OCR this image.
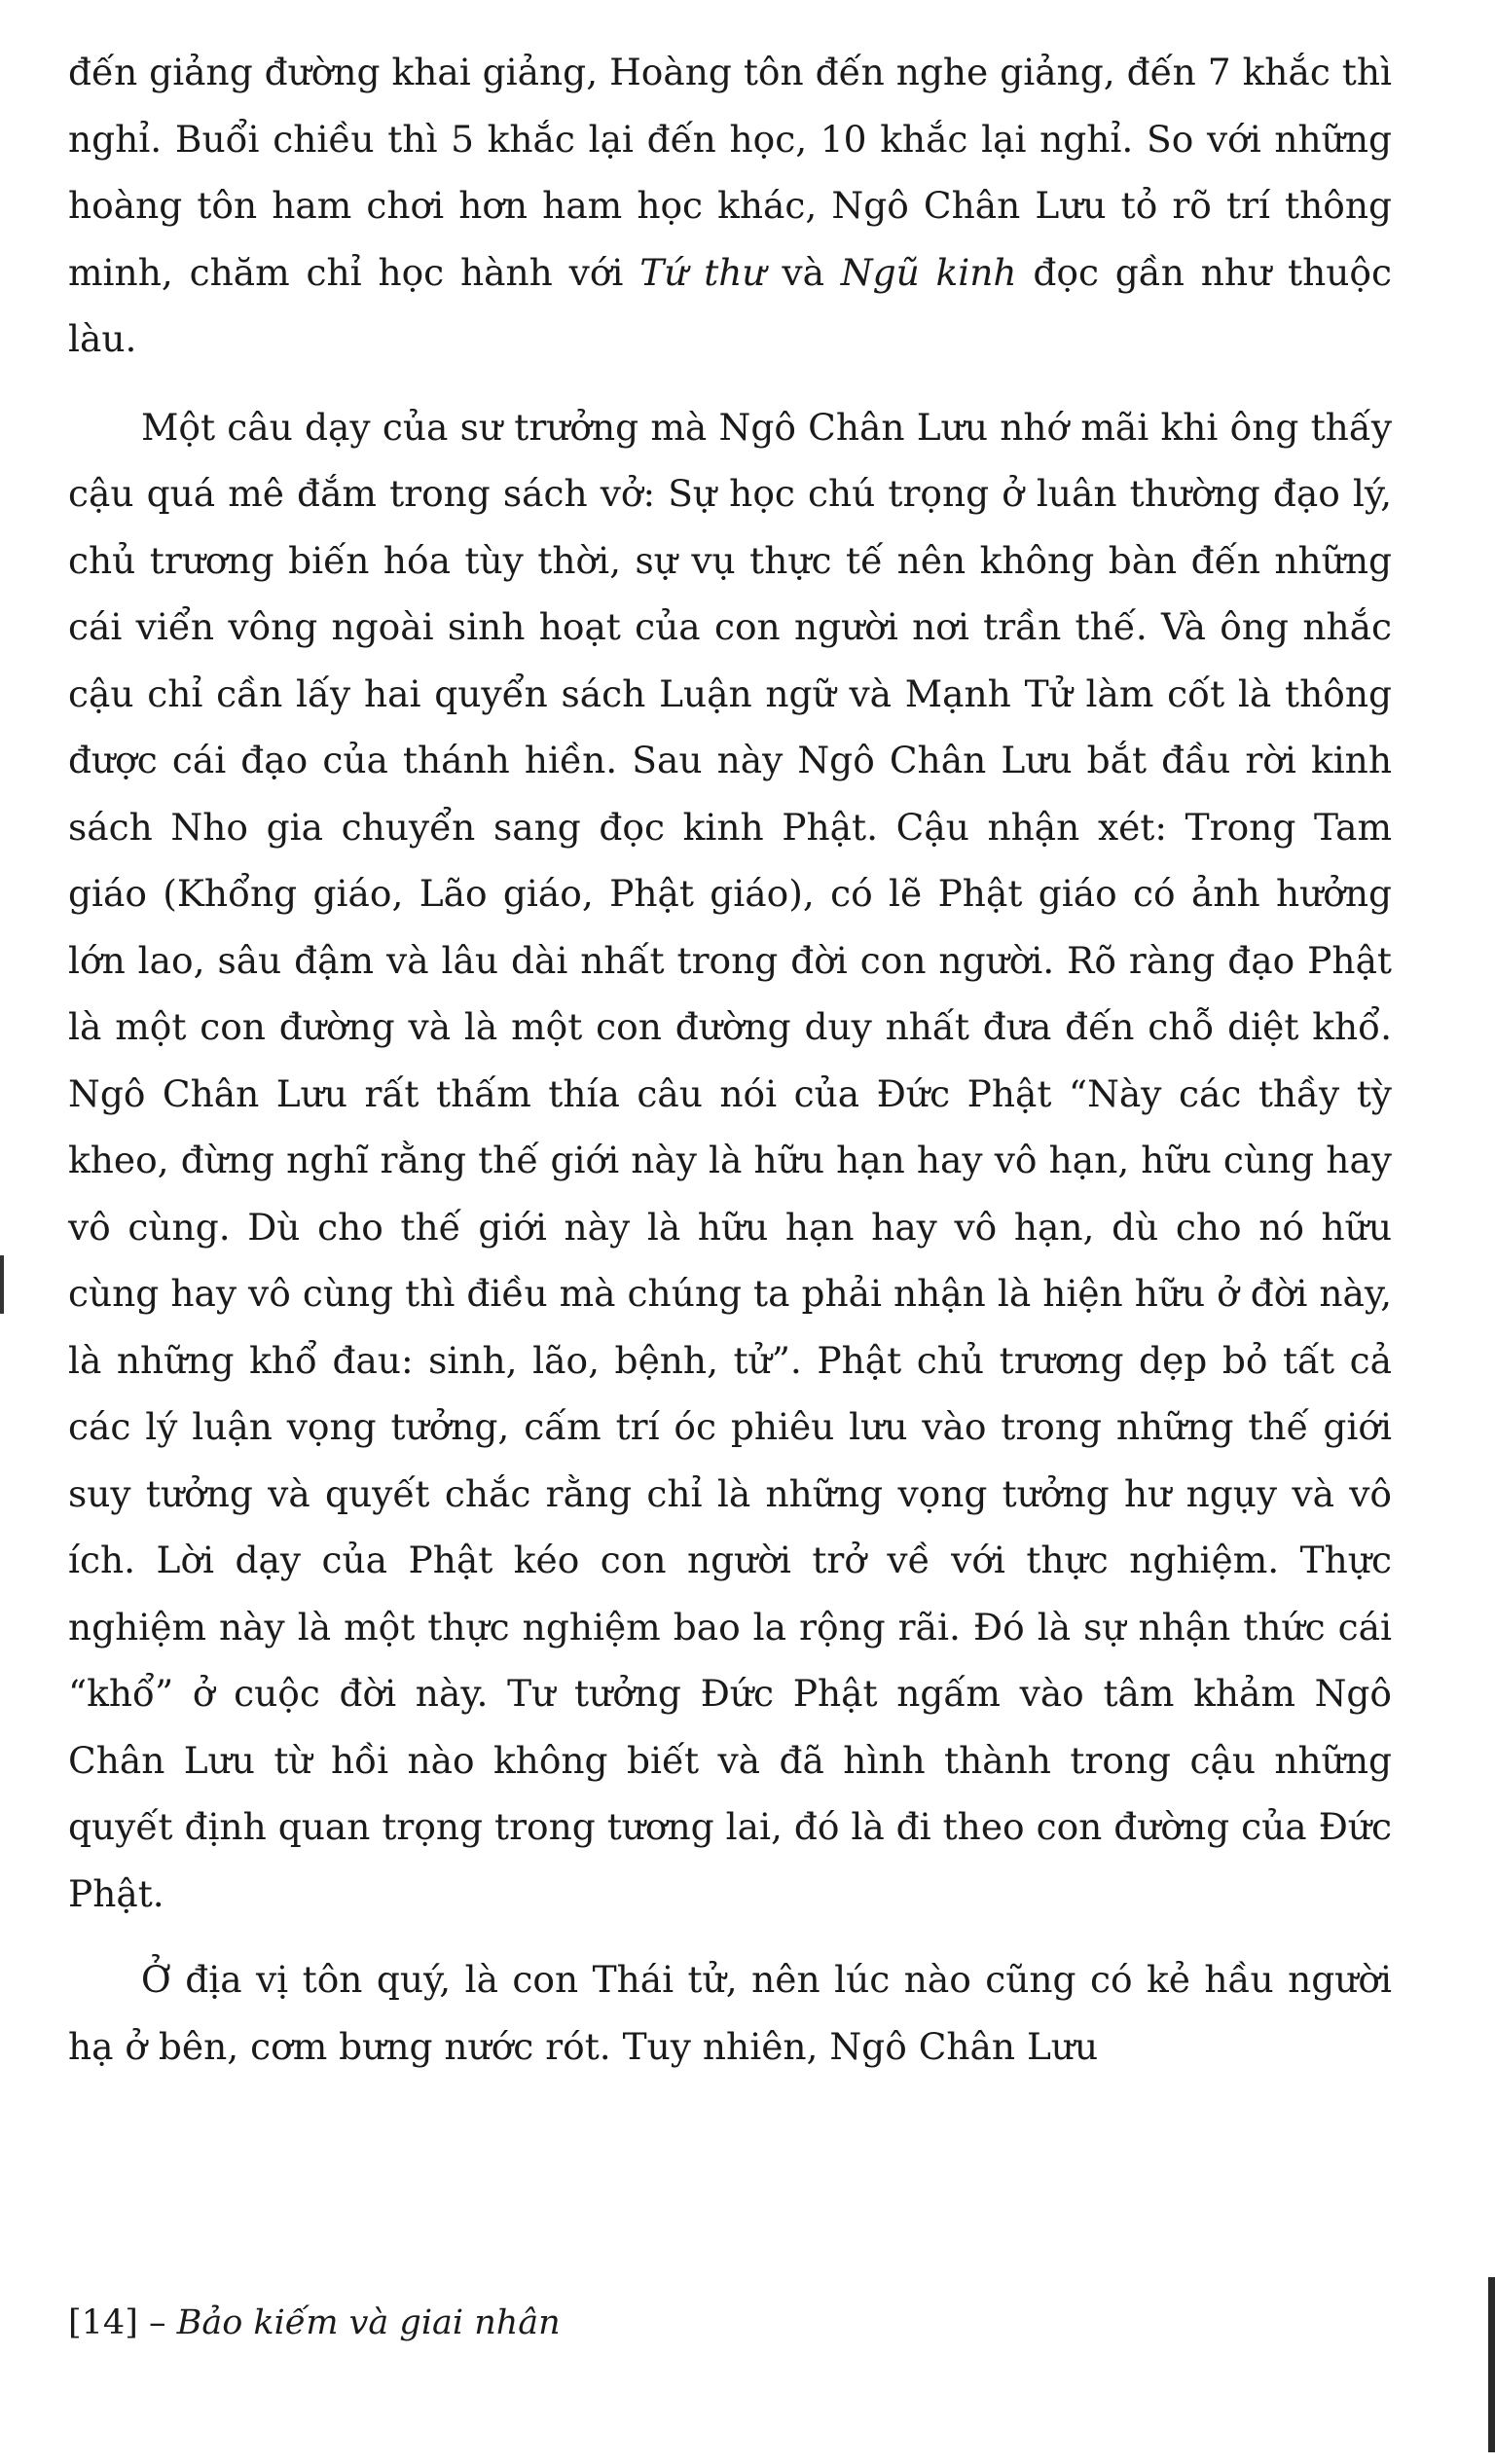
đến giảng đường khai giảng, Hoàng tôn đến nghe giảng, đến 7 khắc thì nghỉ. Buổi chiều thì 5 khắc lại đến học, 10 khắc lại nghỉ. So với những hoàng tôn ham chơi hơn ham học khác, Ngô Chân Lưu tỏ rõ trí thông minh, chăm chỉ học hành với Tứ thư và Ngũ kinh đọc gần như thuộc làu.

Một câu dạy của sư trưởng mà Ngô Chân Lưu nhớ mãi khi ông thấy cậu quá mê đắm trong sách vở: Sự học chú trọng ở luân thường đạo lý, chủ trương biến hóa tùy thời, sự vụ thực tế nên không bàn đến những cái viển vông ngoài sinh hoạt của con người nơi trần thế. Và ông nhắc cậu chỉ cần lấy hai quyển sách Luận ngữ và Mạnh Tử làm cốt là thông được cái đạo của thánh hiền. Sau này Ngô Chân Lưu bắt đầu rời kinh sách Nho gia chuyển sang đọc kinh Phật. Cậu nhận xét: Trong Tam giáo (Khổng giáo, Lão giáo, Phật giáo), có lẽ Phật giáo có ảnh hưởng lớn lao, sâu đậm và lâu dài nhất trong đời con người. Rõ ràng đạo Phật là một con đường và là một con đường duy nhất đưa đến chỗ diệt khổ. Ngô Chân Lưu rất thấm thía câu nói của Đức Phật “Này các thầy tỳ kheo, đừng nghĩ rằng thế giới này là hữu hạn hay vô hạn, hữu cùng hay vô cùng. Dù cho thế giới này là hữu hạn hay vô hạn, dù cho nó hữu cùng hay vô cùng thì điều mà chúng ta phải nhận là hiện hữu ở đời này, là những khổ đau: sinh, lão, bệnh, tử”. Phật chủ trương dẹp bỏ tất cả các lý luận vọng tưởng, cấm trí óc phiêu lưu vào trong những thế giới suy tưởng và quyết chắc rằng chỉ là những vọng tưởng hư ngụy và vô ích. Lời dạy của Phật kéo con người trở về với thực nghiệm. Thực nghiệm này là một thực nghiệm bao la rộng rãi. Đó là sự nhận thức cái “khổ” ở cuộc đời này. Tư tưởng Đức Phật ngấm vào tâm khảm Ngô Chân Lưu từ hồi nào không biết và đã hình thành trong cậu những quyết định quan trọng trong tương lai, đó là đi theo con đường của Đức Phật.

Ở địa vị tôn quý, là con Thái tử, nên lúc nào cũng có kẻ hầu người hạ ở bên, cơm bưng nước rót. Tuy nhiên, Ngô Chân Lưu

[14] – Bảo kiếm và giai nhân
